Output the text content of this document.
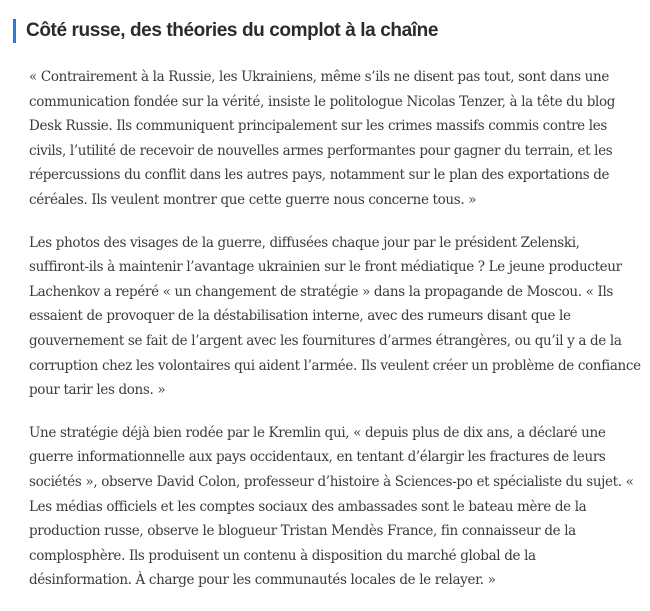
Côté russe, des théories du complot à la chaîne

« Contrairement à la Russie, les Ukrainiens, même s’ils ne disent pas tout, sont dans une communication fondée sur la vérité, insiste le politologue Nicolas Tenzer, à la tête du blog Desk Russie. Ils communiquent principalement sur les crimes massifs commis contre les civils, l’utilité de recevoir de nouvelles armes performantes pour gagner du terrain, et les répercussions du conflit dans les autres pays, notamment sur le plan des exportations de céréales. Ils veulent montrer que cette guerre nous concerne tous. »

Les photos des visages de la guerre, diffusées chaque jour par le président Zelenski, suffiront-ils à maintenir l’avantage ukrainien sur le front médiatique ? Le jeune producteur Lachenkov a repéré « un changement de stratégie » dans la propagande de Moscou. « Ils essaient de provoquer de la déstabilisation interne, avec des rumeurs disant que le gouvernement se fait de l’argent avec les fournitures d’armes étrangères, ou qu’il y a de la corruption chez les volontaires qui aident l’armée. Ils veulent créer un problème de confiance pour tarir les dons. »

Une stratégie déjà bien rodée par le Kremlin qui, « depuis plus de dix ans, a déclaré une guerre informationnelle aux pays occidentaux, en tentant d’élargir les fractures de leurs sociétés », observe David Colon, professeur d’histoire à Sciences-po et spécialiste du sujet. « Les médias officiels et les comptes sociaux des ambassades sont le bateau mère de la production russe, observe le blogueur Tristan Mendès France, fin connaisseur de la complosphère. Ils produisent un contenu à disposition du marché global de la désinformation. À charge pour les communautés locales de le relayer. »
